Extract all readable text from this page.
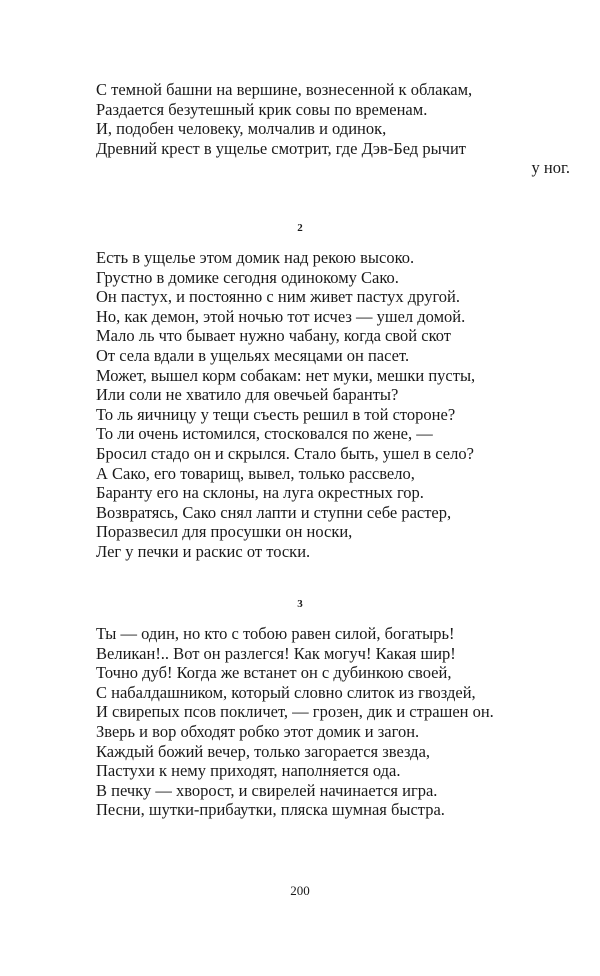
С темной башни на вершине, вознесенной к облакам,

Раздается безутешный крик совы по временам.

И, подобен человеку, молчалив и одинок,

Древний крест в ущелье смотрит, где Дэв-Бед рычит

у ног.

2

Есть в ущелье этом домик над рекою высоко.

Грустно в домике сегодня одинокому Сако.

Он пастух, и постоянно с ним живет пастух другой.

Но, как демон, этой ночью тот исчез — ушел домой.

Мало ль что бывает нужно чабану, когда свой скот

От села вдали в ущельях месяцами он пасет.

Может, вышел корм собакам: нет муки, мешки пусты,

Или соли не хватило для овечьей баранты?

То ль яичницу у тещи съесть решил в той стороне?

То ли очень истомился, стосковался по жене, —

Бросил стадо он и скрылся. Стало быть, ушел в село?

А Сако, его товарищ, вывел, только рассвело,

Баранту его на склоны, на луга окрестных гор.

Возвратясь, Сако снял лапти и ступни себе растер,

Поразвесил для просушки он носки,

Лег у печки и раскис от тоски.

3

Ты — один, но кто с тобою равен силой, богатырь!

Великан!.. Вот он разлегся! Как могуч! Какая шир!

Точно дуб! Когда же встанет он с дубинкою своей,

С набалдашником, который словно слиток из гвоздей,

И свирепых псов покличет, — грозен, дик и страшен он.

Зверь и вор обходят робко этот домик и загон.

Каждый божий вечер, только загорается звезда,

Пастухи к нему приходят, наполняется ода.

В печку — хворост, и свирелей начинается игра.

Песни, шутки-прибаутки, пляска шумная быстра.

200
